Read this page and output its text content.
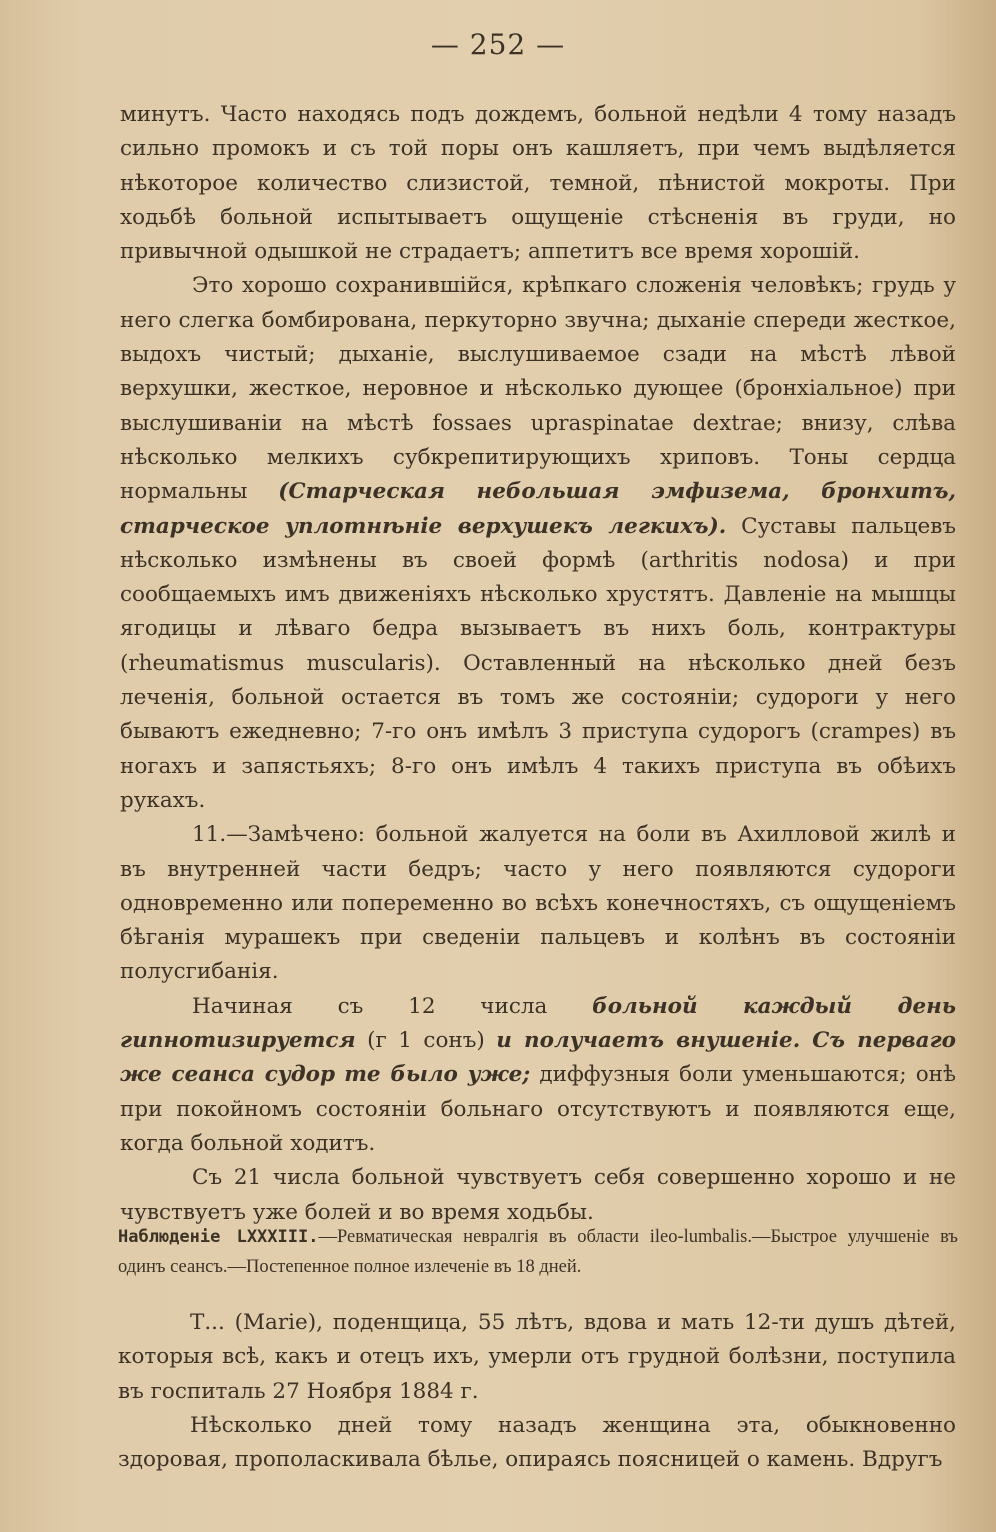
— 252 —

минутъ. Часто находясь подъ дождемъ, больной недѣли 4 тому назадъ сильно промокъ и съ той поры онъ кашляетъ, при чемъ выдѣляется нѣкоторое количество слизистой, темной, пѣнистой мокроты. При ходьбѣ больной испытываетъ ощущеніе стѣсненія въ груди, но привычной одышкой не страдаетъ; аппетитъ все время хорошій.

Это хорошо сохранившійся, крѣпкаго сложенія человѣкъ; грудь у него слегка бомбирована, перкуторно звучна; дыханіе спереди жесткое, выдохъ чистый; дыханіе, выслушиваемое сзади на мѣстѣ лѣвой верхушки, жесткое, неровное и нѣсколько дующее (бронхіальное) при выслушиваніи на мѣстѣ fossaes uprаspinatae dextrae; внизу, слѣва нѣсколько мелкихъ субкрепитирующихъ хриповъ. Тоны сердца нормальны (Старческая небольшая эмфизема, бронхитъ, старческое уплотнѣніе верхушекъ легкихъ). Суставы пальцевъ нѣсколько измѣнены въ своей формѣ (arthritis nodosa) и при сообщаемыхъ имъ движеніяхъ нѣсколько хрустятъ. Давленіе на мышцы ягодицы и лѣваго бедра вызываетъ въ нихъ боль, контрактуры (rheumatismus muscularis). Оставленный на нѣсколько дней безъ леченія, больной остается въ томъ же состояніи; судороги у него бываютъ ежедневно; 7-го онъ имѣлъ 3 приступа судорогъ (crampes) въ ногахъ и запястьяхъ; 8-го онъ имѣлъ 4 такихъ приступа въ обѣихъ рукахъ.

11.—Замѣчено: больной жалуется на боли въ Ахилловой жилѣ и въ внутренней части бедръ; часто у него появляются судороги одновременно или попеременно во всѣхъ конечностяхъ, съ ощущеніемъ бѣганія мурашекъ при сведеніи пальцевъ и колѣнъ въ состояніи полусгибанія.

Начиная съ 12 числа больной каждый день гипнотизируется (г 1 сонъ) и получаетъ внушеніе. Съ перваго же сеанса судор те было уже; диффузныя боли уменьшаются; онѣ при покойномъ состояніи больнаго отсутствуютъ и появляются еще, когда больной ходитъ.

Съ 21 числа больной чувствуетъ себя совершенно хорошо и не чувствуетъ уже болей и во время ходьбы.

Наблюденіе LXXXIII.—Ревматическая невралгія въ области ileo-lumbalis.—Быстрое улучшеніе въ одинъ сеансъ.—Постепенное полное излеченіе въ 18 дней.

Т... (Marie), поденщица, 55 лѣтъ, вдова и мать 12-ти душъ дѣтей, которыя всѣ, какъ и отецъ ихъ, умерли отъ грудной болѣзни, поступила въ госпиталь 27 Ноября 1884 г.

Нѣсколько дней тому назадъ женщина эта, обыкновенно здоровая, прополаскивала бѣлье, опираясь поясницей о камень. Вдругъ
